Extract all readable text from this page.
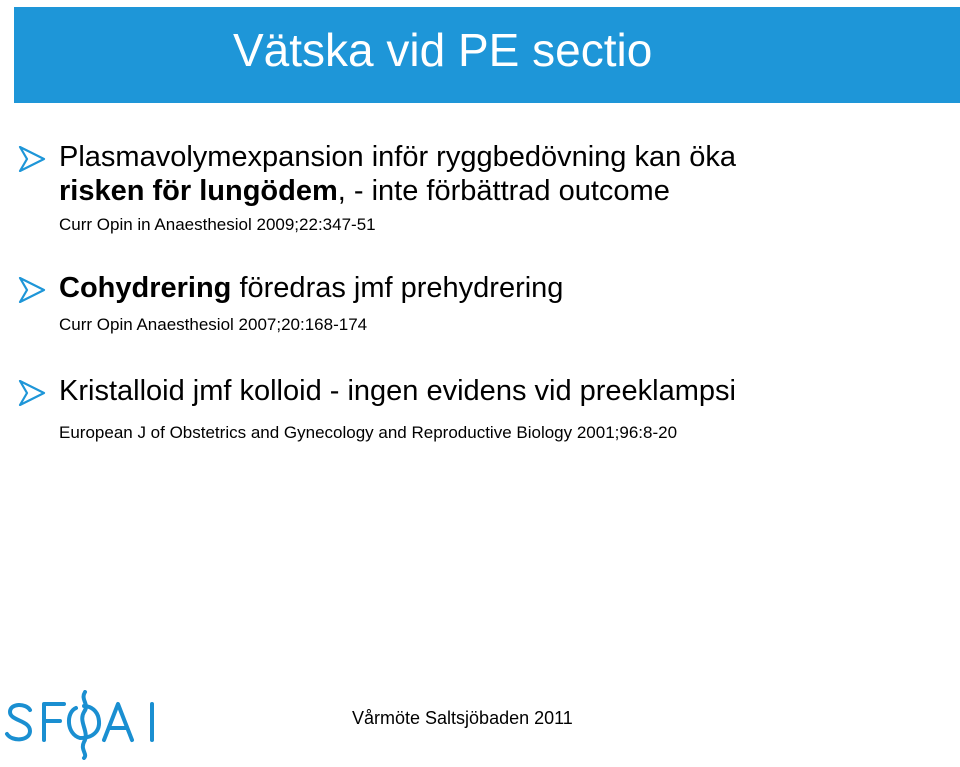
Vätska vid PE sectio
Plasmavolymexpansion inför ryggbedövning kan öka
risken för lungödem, - inte förbättrad outcome
Curr Opin in Anaesthesiol 2009;22:347-51
Cohydrering föredras jmf prehydrering
Curr Opin Anaesthesiol 2007;20:168-174
Kristalloid jmf kolloid - ingen evidens vid preeklampsi
European J of Obstetrics and Gynecology and Reproductive Biology 2001;96:8-20
Vårmöte Saltsjöbaden 2011
